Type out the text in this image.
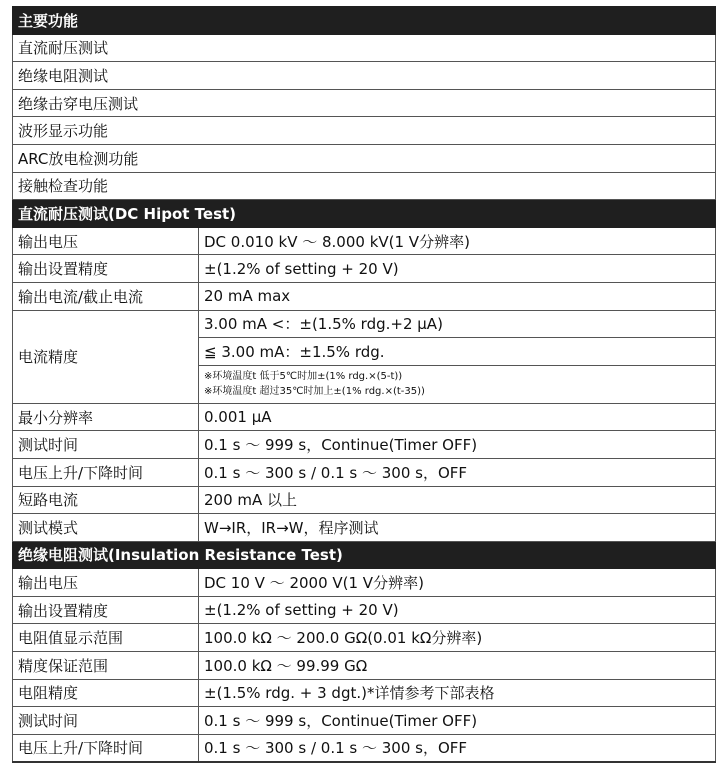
主要功能	
直流耐压测试	
绝缘电阻测试	
绝缘击穿电压测试	
波形显示功能	
ARC放电检测功能	
接触检查功能	
直流耐压测试(DC Hipot Test)	
输出电压	DC 0.010 kV 〜 8.000 kV(1 V分辨率)
输出设置精度	±(1.2% of setting + 20 V)
输出电流/截止电流	20 mA max
电流精度	3.00 mA <：±(1.5% rdg.+2 μA)
	≦ 3.00 mA：±1.5% rdg.

	※环境温度t 低于5℃时加±(1% rdg.×(5-t))
※环境温度t 超过35℃时加上±(1% rdg.×(t-35))

最小分辨率	0.001 μA
测试时间	0.1 s 〜 999 s，Continue(Timer OFF)
电压上升/下降时间	0.1 s 〜 300 s / 0.1 s 〜 300 s，OFF
短路电流	200 mA 以上
测试模式	W→IR，IR→W，程序测试
绝缘电阻测试(Insulation Resistance Test)	
输出电压	DC 10 V 〜 2000 V(1 V分辨率)
输出设置精度	±(1.2% of setting + 20 V)
电阻值显示范围	100.0 kΩ 〜 200.0 GΩ(0.01 kΩ分辨率)
精度保证范围	100.0 kΩ 〜 99.99 GΩ
电阻精度	±(1.5% rdg. + 3 dgt.)*详情参考下部表格
测试时间	0.1 s 〜 999 s，Continue(Timer OFF)
电压上升/下降时间	0.1 s 〜 300 s / 0.1 s 〜 300 s，OFF
